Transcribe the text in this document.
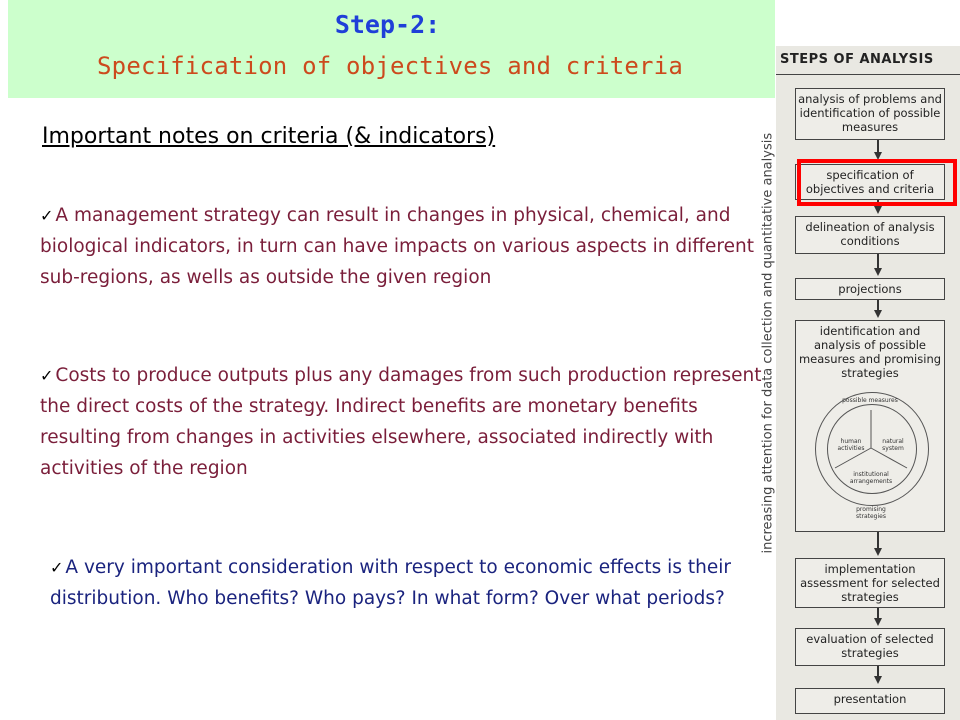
Step-2:
Specification of objectives and criteria
Important notes on criteria (& indicators)

✓ A management strategy can result in changes in physical, chemical, and biological indicators, in turn can have impacts on various aspects in different sub-regions, as wells as outside the given region

✓ Costs to produce outputs plus any damages from such production represent the direct costs of the strategy. Indirect benefits are monetary benefits resulting from changes in activities elsewhere, associated indirectly with activities of the region

✓ A very important consideration with respect to economic effects is their distribution. Who benefits? Who pays? In what form? Over what periods?

STEPS OF ANALYSIS
increasing attention for data collection and quantitative analysis
analysis of problems and identification of possible measures
specification of objectives and criteria
delineation of analysis conditions
projections
identification and analysis of possible measures and promising strategies
possible measures
human activities
natural system
institutional arrangements
promising strategies
implementation assessment for selected strategies
evaluation of selected strategies
presentation
